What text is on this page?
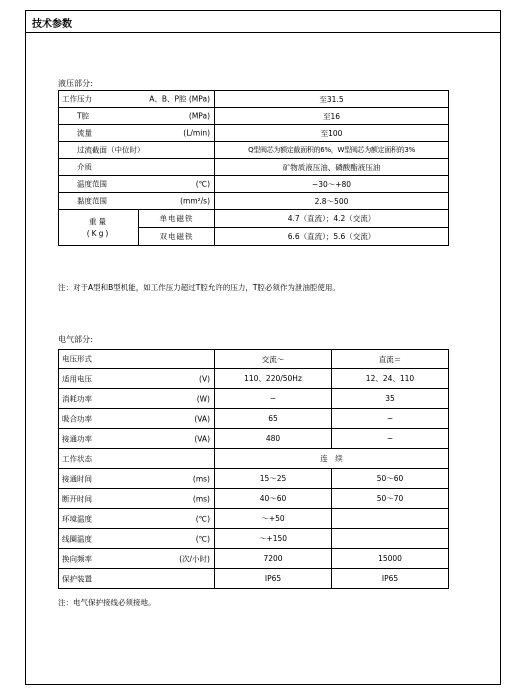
技术参数
液压部分:
工作压力 A、B、P腔 (MPa)		至31.5

T腔 (MPa)		至16

流量 (L/min)		至100

过流截面（中位时）		Q型阀芯为额定截面积的6%，W型阀芯为额定面积的3%

介质		矿物质液压油、磷酸酯液压油

温度范围 (℃)		−30～+80

黏度范围 (mm²/s)		2.8～500

重量
(Kg)	单电磁铁	4.7（直流）；4.2（交流）
	双电磁铁	6.6（直流）；5.6（交流）
注：对于A型和B型机能，如工作压力超过T腔允许的压力，T腔必须作为泄油腔使用。
电气部分:
电压形式	交流～	直流＝

适用电压 (V)	110、220/50Hz	12、24、110

消耗功率 (W)	−	35

吸合功率 (VA)	65	−

接通功率 (VA)	480	−

工作状态	连　续	

接通时间 (ms)	15～25	50～60

断开时间 (ms)	40～60	50～70

环境温度 (℃)	～+50	

线圈温度 (℃)	～+150	

换向频率 (次/小时)	7200	15000

保护装置	IP65	IP65
注：电气保护接线必须接地。
